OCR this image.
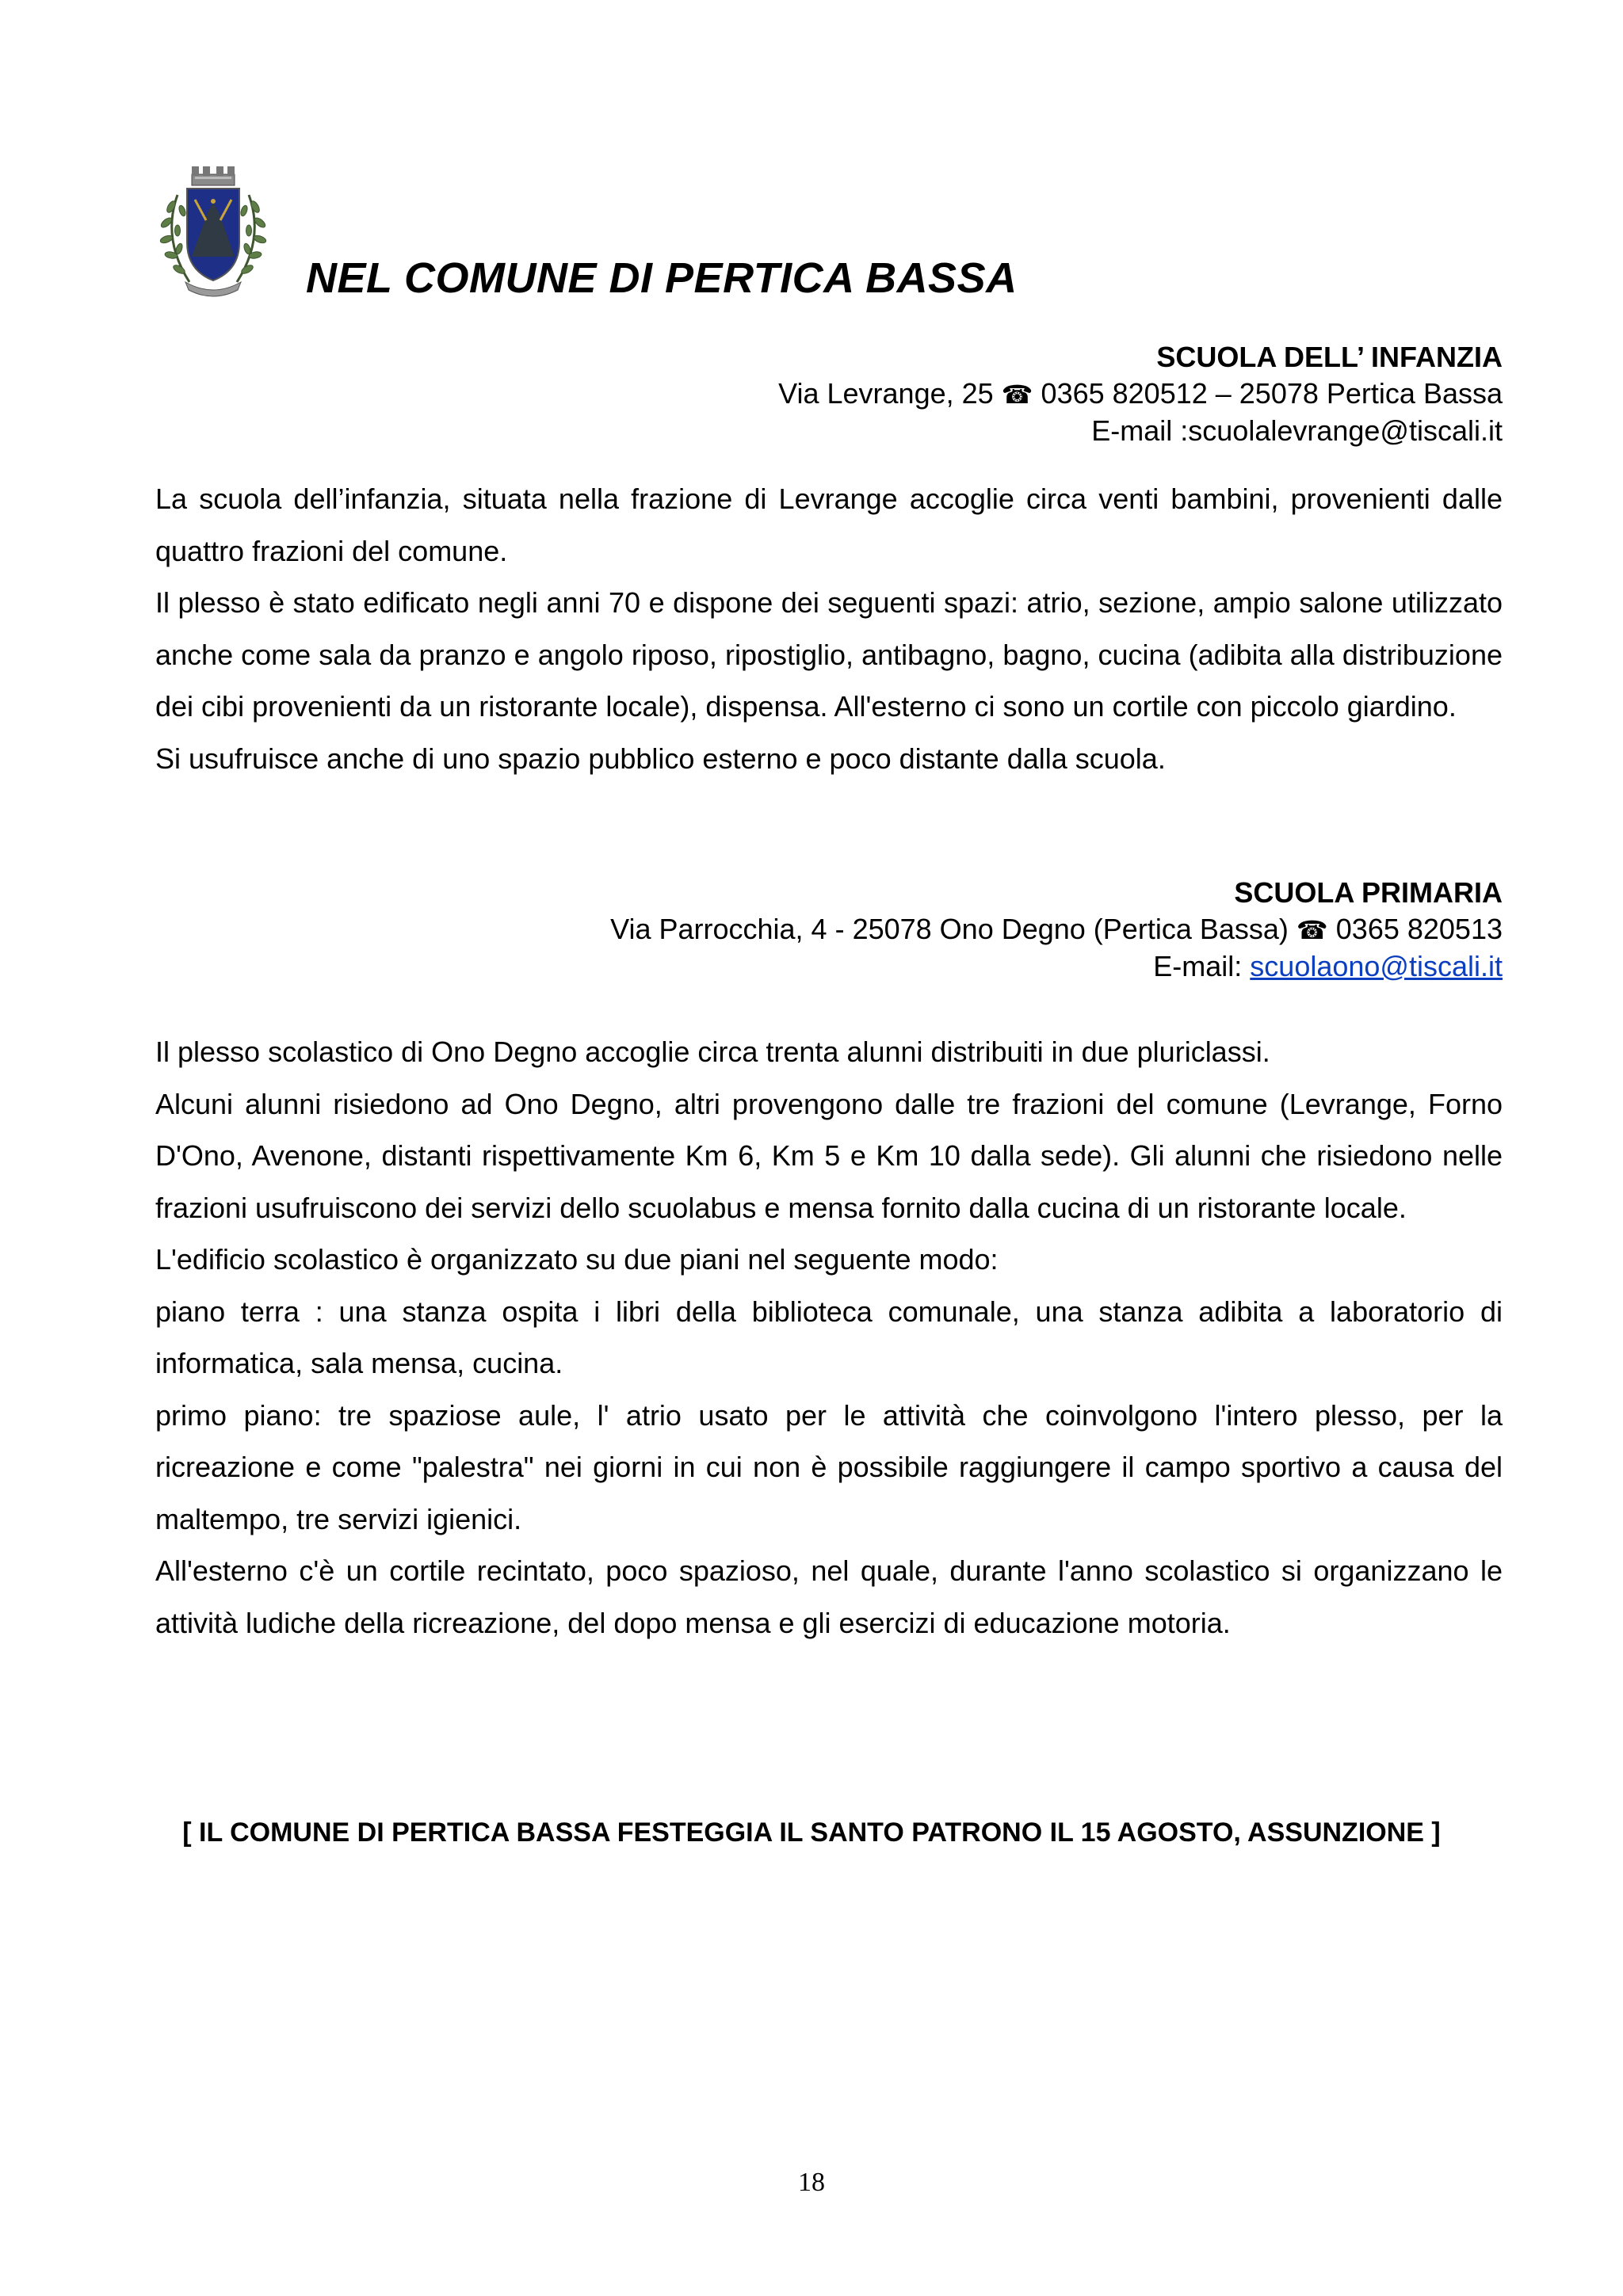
NEL COMUNE DI PERTICA BASSA
SCUOLA DELL’ INFANZIA
Via Levrange, 25 ☎ 0365 820512 – 25078 Pertica Bassa
E-mail :scuolalevrange@tiscali.it

La scuola dell’infanzia, situata nella frazione di Levrange accoglie circa venti bambini, provenienti dalle quattro frazioni del comune.

Il plesso è stato edificato negli anni 70 e dispone dei seguenti spazi: atrio, sezione, ampio salone utilizzato anche come sala da pranzo e angolo riposo, ripostiglio, antibagno, bagno, cucina (adibita alla distribuzione dei cibi provenienti da un ristorante locale), dispensa. All'esterno ci sono un cortile con piccolo giardino.

Si usufruisce anche di uno spazio pubblico esterno e poco distante dalla scuola.

SCUOLA PRIMARIA
Via Parrocchia, 4 - 25078 Ono Degno (Pertica Bassa) ☎ 0365 820513
E-mail: scuolaono@tiscali.it

Il plesso scolastico di Ono Degno accoglie circa trenta alunni distribuiti in due pluriclassi.

Alcuni alunni risiedono ad Ono Degno, altri provengono dalle tre frazioni del comune (Levrange, Forno D'Ono, Avenone, distanti rispettivamente Km 6, Km 5 e Km 10 dalla sede). Gli alunni che risiedono nelle frazioni usufruiscono dei servizi dello scuolabus e mensa fornito dalla cucina di un ristorante locale.

L'edificio scolastico è organizzato su due piani nel seguente modo:

piano terra : una stanza ospita i libri della biblioteca comunale, una stanza adibita a laboratorio di informatica, sala mensa, cucina.

primo piano: tre spaziose aule, l' atrio usato per le attività che coinvolgono l'intero plesso, per la ricreazione e come "palestra" nei giorni in cui non è possibile raggiungere il campo sportivo a causa del maltempo, tre servizi igienici.

All'esterno c'è un cortile recintato, poco spazioso, nel quale, durante l'anno scolastico si organizzano le attività ludiche della ricreazione, del dopo mensa e gli esercizi di educazione motoria.

[ IL COMUNE DI PERTICA BASSA FESTEGGIA IL SANTO PATRONO IL 15 AGOSTO, ASSUNZIONE ]
18
